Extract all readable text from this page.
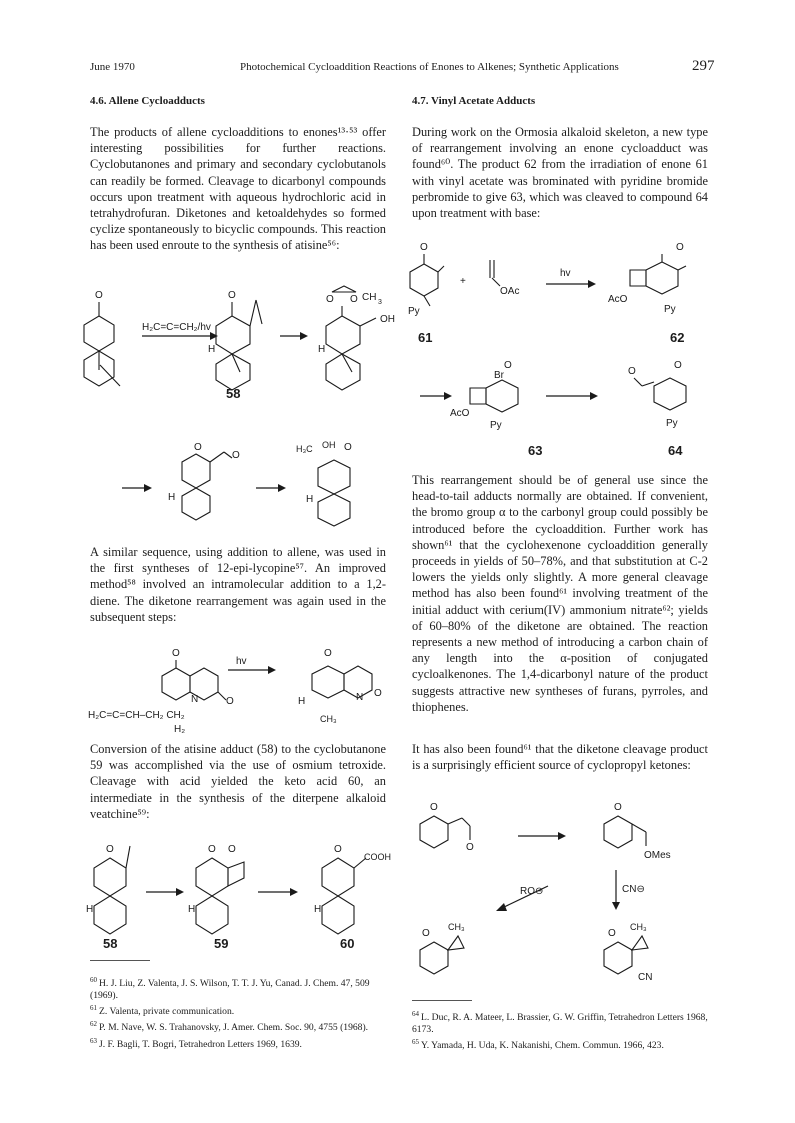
June 1970	Photochemical Cycloaddition Reactions of Enones to Alkenes; Synthetic Applications	297
4.6. Allene Cycloadducts

The products of allene cycloadditions to enones¹³·⁵³ offer interesting possibilities for further reactions. Cyclobutanones and primary and secondary cyclobutanols can readily be formed. Cleavage to dicarbonyl compounds occurs upon treatment with aqueous hydrochloric acid in tetrahydrofuran. Diketones and ketoaldehydes so formed cyclize spontaneously to bicyclic compounds. This reaction has been used enroute to the synthesis of atisine⁵⁶:

O
H₂C=C=CH₂/hv
O
H
O O CH 3
OH
H
58
O
O
H
H₃C OH O
H

A similar sequence, using addition to allene, was used in the first syntheses of 12-epi-lycopine⁵⁷. An improved method⁵⁸ involved an intramolecular addition to a 1,2-diene. The diketone rearrangement was again used in the subsequent steps:

O
N	O
H₂C=C=CH–CH₂ CH₂
H₂
hv
O
N O
H
CH₃

Conversion of the atisine adduct (58) to the cyclobutanone 59 was accomplished via the use of osmium tetroxide. Cleavage with acid yielded the keto acid 60, an intermediate in the synthesis of the diterpene alkaloid veatchine⁵⁹:

O
H
O O
H
O
COOH
H
58	59	60

$^{60}$ H. J. Liu, Z. Valenta, J. S. Wilson, T. T. J. Yu, Canad. J. Chem. 47, 509 (1969).

$^{61}$ Z. Valenta, private communication.

$^{62}$ P. M. Nave, W. S. Trahanovsky, J. Amer. Chem. Soc. 90, 4755 (1968).

$^{63}$ J. F. Bagli, T. Bogri, Tetrahedron Letters 1969, 1639.

4.7. Vinyl Acetate Adducts

During work on the Ormosia alkaloid skeleton, a new type of rearrangement involving an enone cycloadduct was found⁶⁰. The product 62 from the irradiation of enone 61 with vinyl acetate was brominated with pyridine bromide perbromide to give 63, which was cleaved to compound 64 upon treatment with base:

O
Py
+
OAc
hv
O
AcO
Py
61	62
Br
O
AcO
Py
O
O
Py
63	64

This rearrangement should be of general use since the head-to-tail adducts normally are obtained. If convenient, the bromo group α to the carbonyl group could possibly be introduced before the cycloaddition. Further work has shown⁶¹ that the cyclohexenone cycloaddition generally proceeds in yields of 50–78%, and that substitution at C-2 lowers the yields only slightly. A more general cleavage method has also been found⁶¹ involving treatment of the initial adduct with cerium(IV) ammonium nitrate⁶²; yields of 60–80% of the diketone are obtained. The reaction represents a new method of introducing a carbon chain of any length into the α-position of conjugated cycloalkenones. The 1,4-dicarbonyl nature of the product suggests attractive new syntheses of furans, pyrroles, and thiophenes.

It has also been found⁶¹ that the diketone cleavage product is a surprisingly efficient source of cyclopropyl ketones:

O
O
O
OMes
CN⊖
RO⊖
O
CH₃
O
CH₃
CN

$^{64}$ L. Duc, R. A. Mateer, L. Brassier, G. W. Griffin, Tetrahedron Letters 1968, 6173.

$^{65}$ Y. Yamada, H. Uda, K. Nakanishi, Chem. Commun. 1966, 423.
